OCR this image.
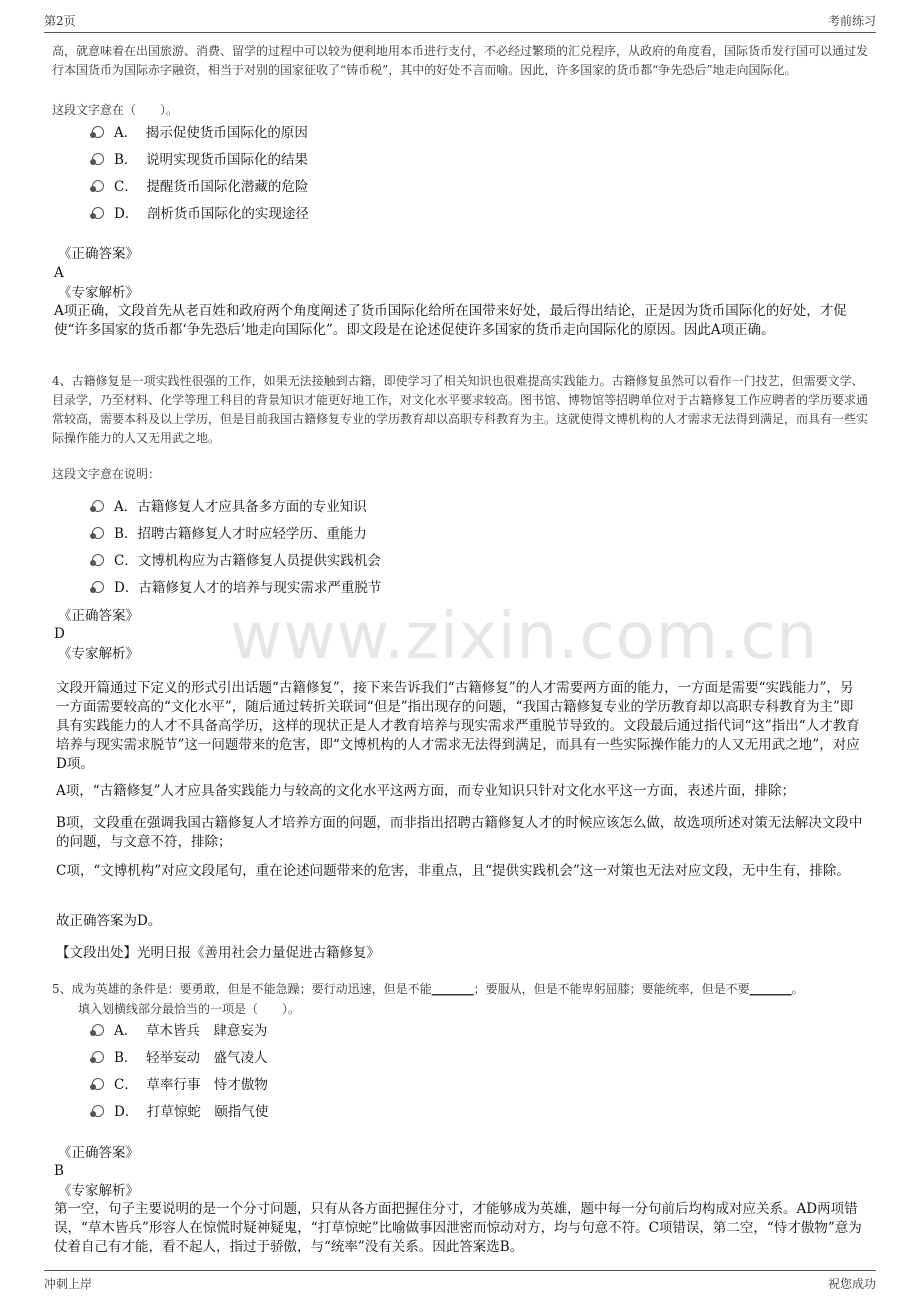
第2页	考前练习
www.zixin.com.cn

高，就意味着在出国旅游、消费、留学的过程中可以较为便利地用本币进行支付，不必经过繁琐的汇兑程序，从政府的角度看，国际货币发行国可以通过发行本国货币为国际赤字融资，相当于对别的国家征收了“铸币税”，其中的好处不言而喻。因此，许多国家的货币都“争先恐后”地走向国际化。

这段文字意在（　　）。

A．  揭示促使货币国际化的原因
B．  说明实现货币国际化的结果
C．  提醒货币国际化潜藏的危险
D．  剖析货币国际化的实现途径

《正确答案》

A

《专家解析》

A项正确，文段首先从老百姓和政府两个角度阐述了货币国际化给所在国带来好处，最后得出结论，正是因为货币国际化的好处，才促使“许多国家的货币都‘争先恐后’地走向国际化”。即文段是在论述促使许多国家的货币走向国际化的原因。因此A项正确。

4、古籍修复是一项实践性很强的工作，如果无法接触到古籍，即使学习了相关知识也很难提高实践能力。古籍修复虽然可以看作一门技艺，但需要文学、目录学，乃至材料、化学等理工科目的背景知识才能更好地工作，对文化水平要求较高。图书馆、博物馆等招聘单位对于古籍修复工作应聘者的学历要求通常较高，需要本科及以上学历，但是目前我国古籍修复专业的学历教育却以高职专科教育为主。这就使得文博机构的人才需求无法得到满足，而具有一些实际操作能力的人又无用武之地。

这段文字意在说明：

A．古籍修复人才应具备多方面的专业知识
B．招聘古籍修复人才时应轻学历、重能力
C．文博机构应为古籍修复人员提供实践机会
D．古籍修复人才的培养与现实需求严重脱节

《正确答案》

D

《专家解析》

文段开篇通过下定义的形式引出话题“古籍修复”，接下来告诉我们“古籍修复”的人才需要两方面的能力，一方面是需要“实践能力”，另一方面需要较高的“文化水平”，随后通过转折关联词“但是”指出现存的问题，“我国古籍修复专业的学历教育却以高职专科教育为主”即具有实践能力的人才不具备高学历，这样的现状正是人才教育培养与现实需求严重脱节导致的。文段最后通过指代词“这”指出“人才教育培养与现实需求脱节”这一问题带来的危害，即“文博机构的人才需求无法得到满足，而具有一些实际操作能力的人又无用武之地”，对应D项。

A项，“古籍修复”人才应具备实践能力与较高的文化水平这两方面，而专业知识只针对文化水平这一方面，表述片面，排除；

B项，文段重在强调我国古籍修复人才培养方面的问题，而非指出招聘古籍修复人才的时候应该怎么做，故选项所述对策无法解决文段中的问题，与文意不符，排除；

C项，“文博机构”对应文段尾句，重在论述问题带来的危害，非重点，且“提供实践机会”这一对策也无法对应文段，无中生有，排除。

故正确答案为D。

【文段出处】光明日报《善用社会力量促进古籍修复》

5、成为英雄的条件是：要勇敢，但是不能急躁；要行动迅速，但是不能_______；要服从，但是不能卑躬屈膝；要能统率，但是不要_______。

填入划横线部分最恰当的一项是（　　）。

A．  草木皆兵　肆意妄为
B．  轻举妄动　盛气凌人
C．  草率行事　恃才傲物
D．  打草惊蛇　颐指气使

《正确答案》

B

《专家解析》

第一空，句子主要说明的是一个分寸问题，只有从各方面把握住分寸，才能够成为英雄，题中每一分句前后均构成对应关系。AD两项错误，“草木皆兵”形容人在惊慌时疑神疑鬼，“打草惊蛇”比喻做事因泄密而惊动对方，均与句意不符。C项错误，第二空，“恃才傲物”意为仗着自己有才能，看不起人，指过于骄傲，与“统率”没有关系。因此答案选B。

冲刺上岸	祝您成功
